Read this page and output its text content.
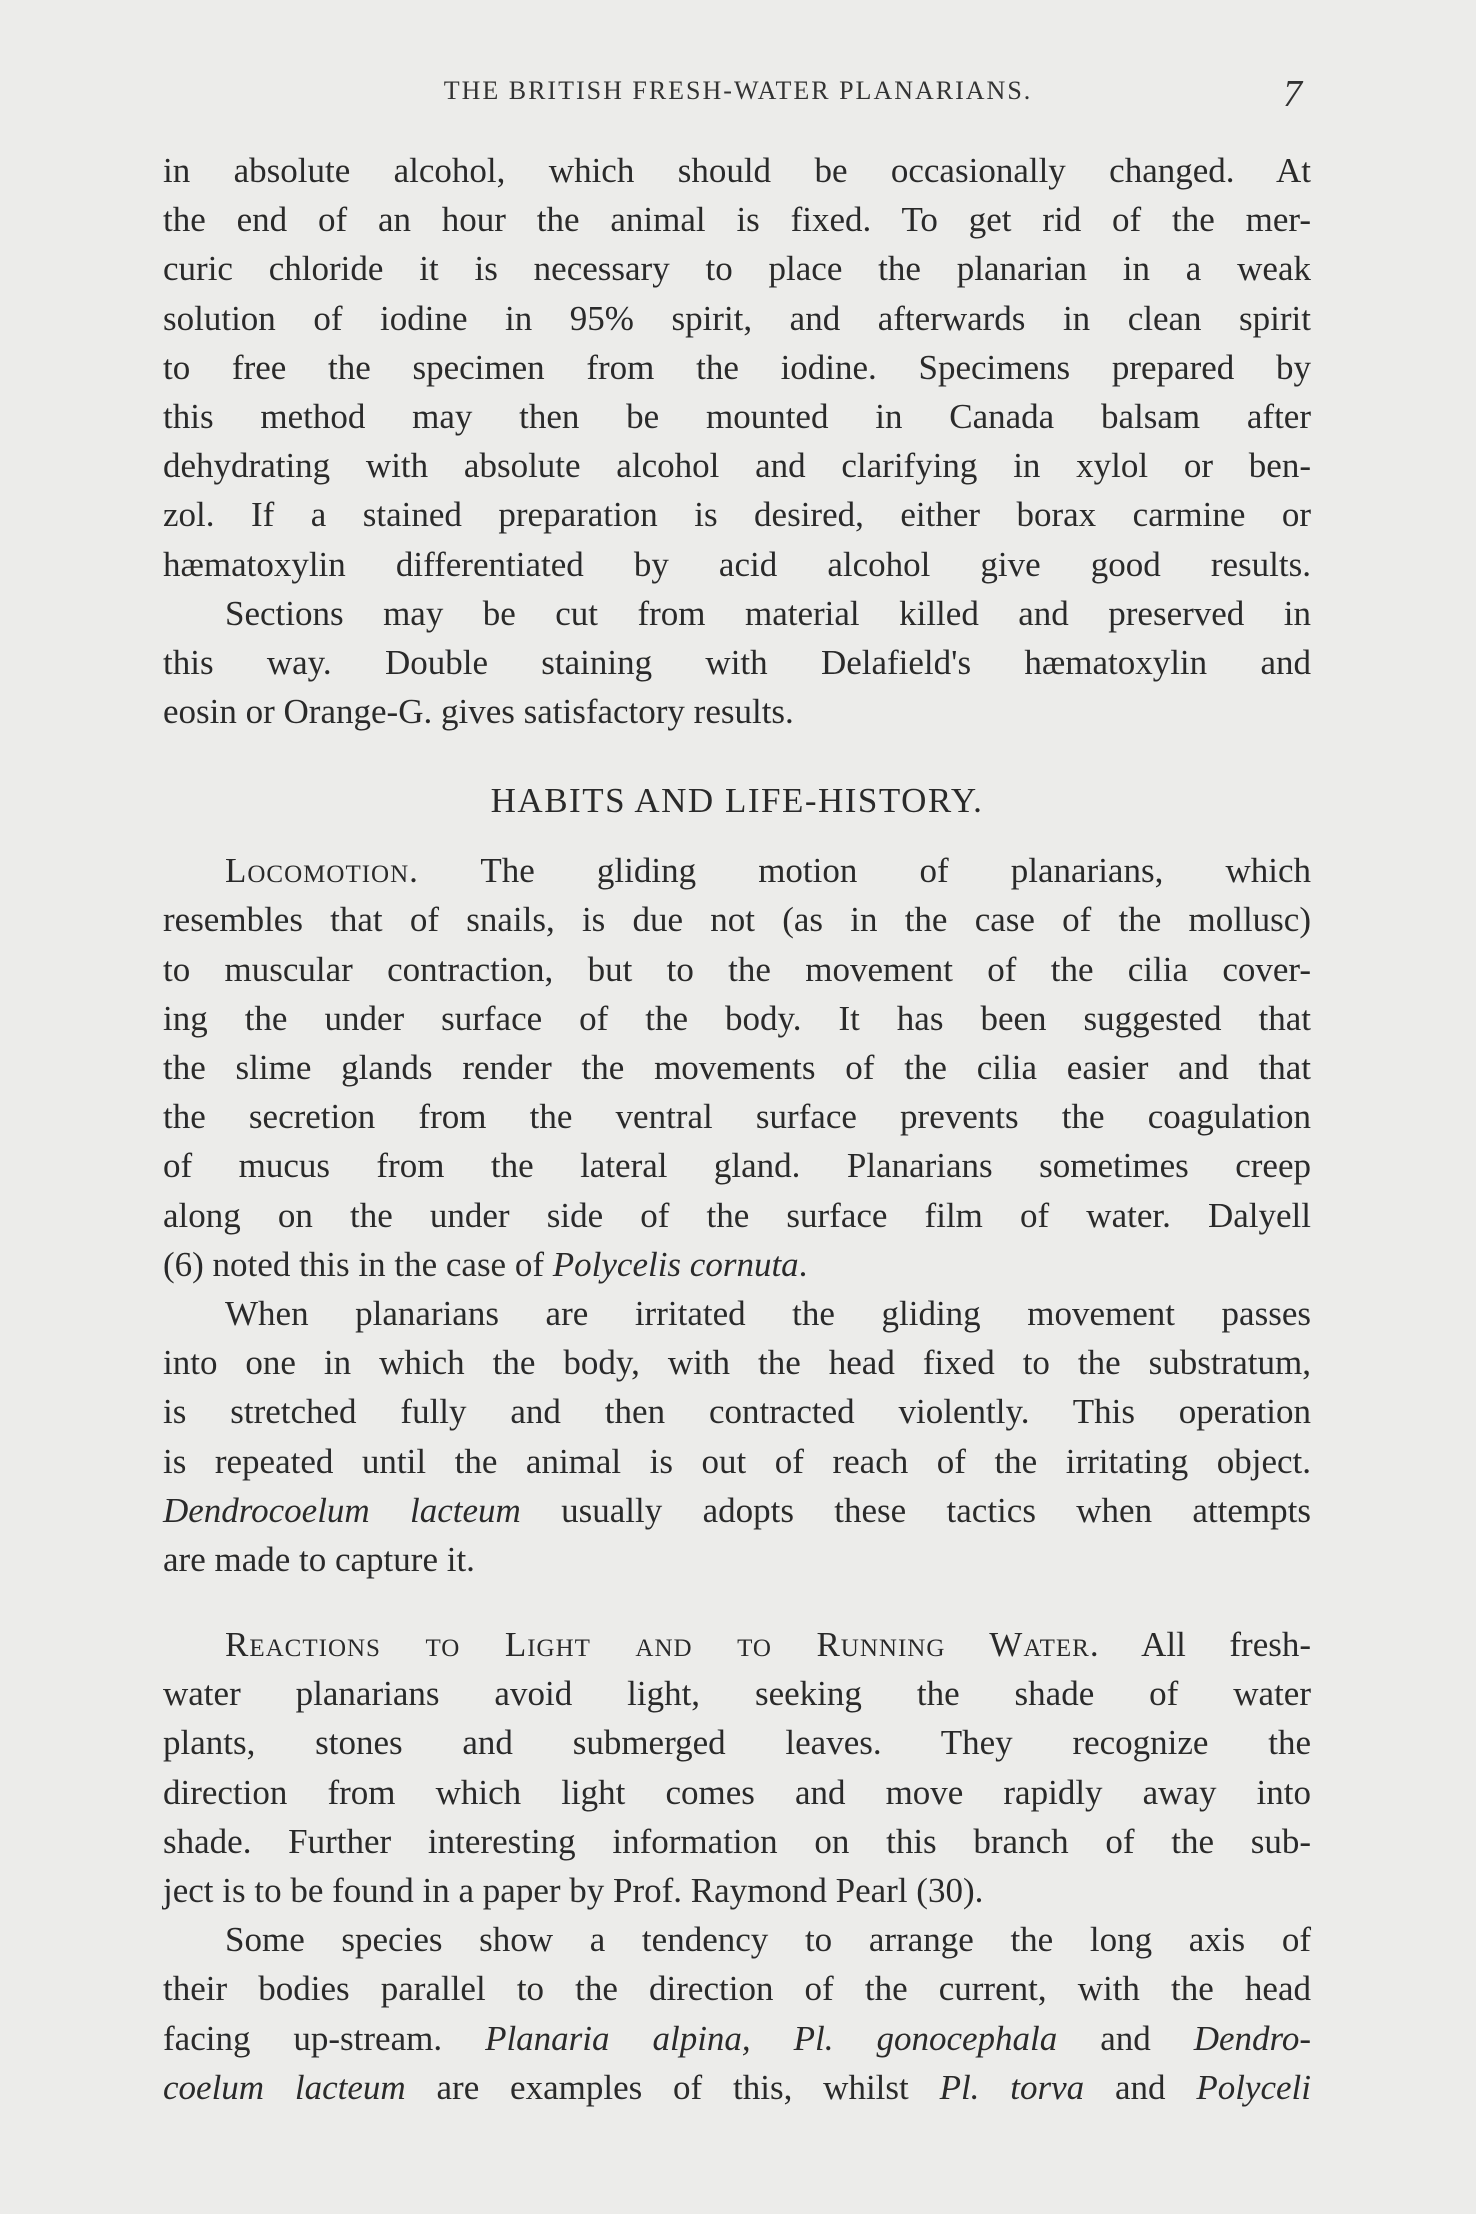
THE BRITISH FRESH-WATER PLANARIANS.	7
in absolute alcohol, which should be occasionally changed. At
the end of an hour the animal is fixed. To get rid of the mer-
curic chloride it is necessary to place the planarian in a weak
solution of iodine in 95% spirit, and afterwards in clean spirit
to free the specimen from the iodine. Specimens prepared by
this method may then be mounted in Canada balsam after
dehydrating with absolute alcohol and clarifying in xylol or ben-
zol. If a stained preparation is desired, either borax carmine or
hæmatoxylin differentiated by acid alcohol give good results.
Sections may be cut from material killed and preserved in
this way. Double staining with Delafield's hæmatoxylin and
eosin or Orange-G. gives satisfactory results.
HABITS AND LIFE-HISTORY.
Locomotion. The gliding motion of planarians, which
resembles that of snails, is due not (as in the case of the mollusc)
to muscular contraction, but to the movement of the cilia cover-
ing the under surface of the body. It has been suggested that
the slime glands render the movements of the cilia easier and that
the secretion from the ventral surface prevents the coagulation
of mucus from the lateral gland. Planarians sometimes creep
along on the under side of the surface film of water. Dalyell
(6) noted this in the case of Polycelis cornuta.
When planarians are irritated the gliding movement passes
into one in which the body, with the head fixed to the substratum,
is stretched fully and then contracted violently. This operation
is repeated until the animal is out of reach of the irritating object.
Dendrocoelum lacteum usually adopts these tactics when attempts
are made to capture it.
Reactions to Light and to Running Water. All fresh-
water planarians avoid light, seeking the shade of water
plants, stones and submerged leaves. They recognize the
direction from which light comes and move rapidly away into
shade. Further interesting information on this branch of the sub-
ject is to be found in a paper by Prof. Raymond Pearl (30).
Some species show a tendency to arrange the long axis of
their bodies parallel to the direction of the current, with the head
facing up-stream. Planaria alpina, Pl. gonocephala and Dendro-
coelum lacteum are examples of this, whilst Pl. torva and Polyceli
